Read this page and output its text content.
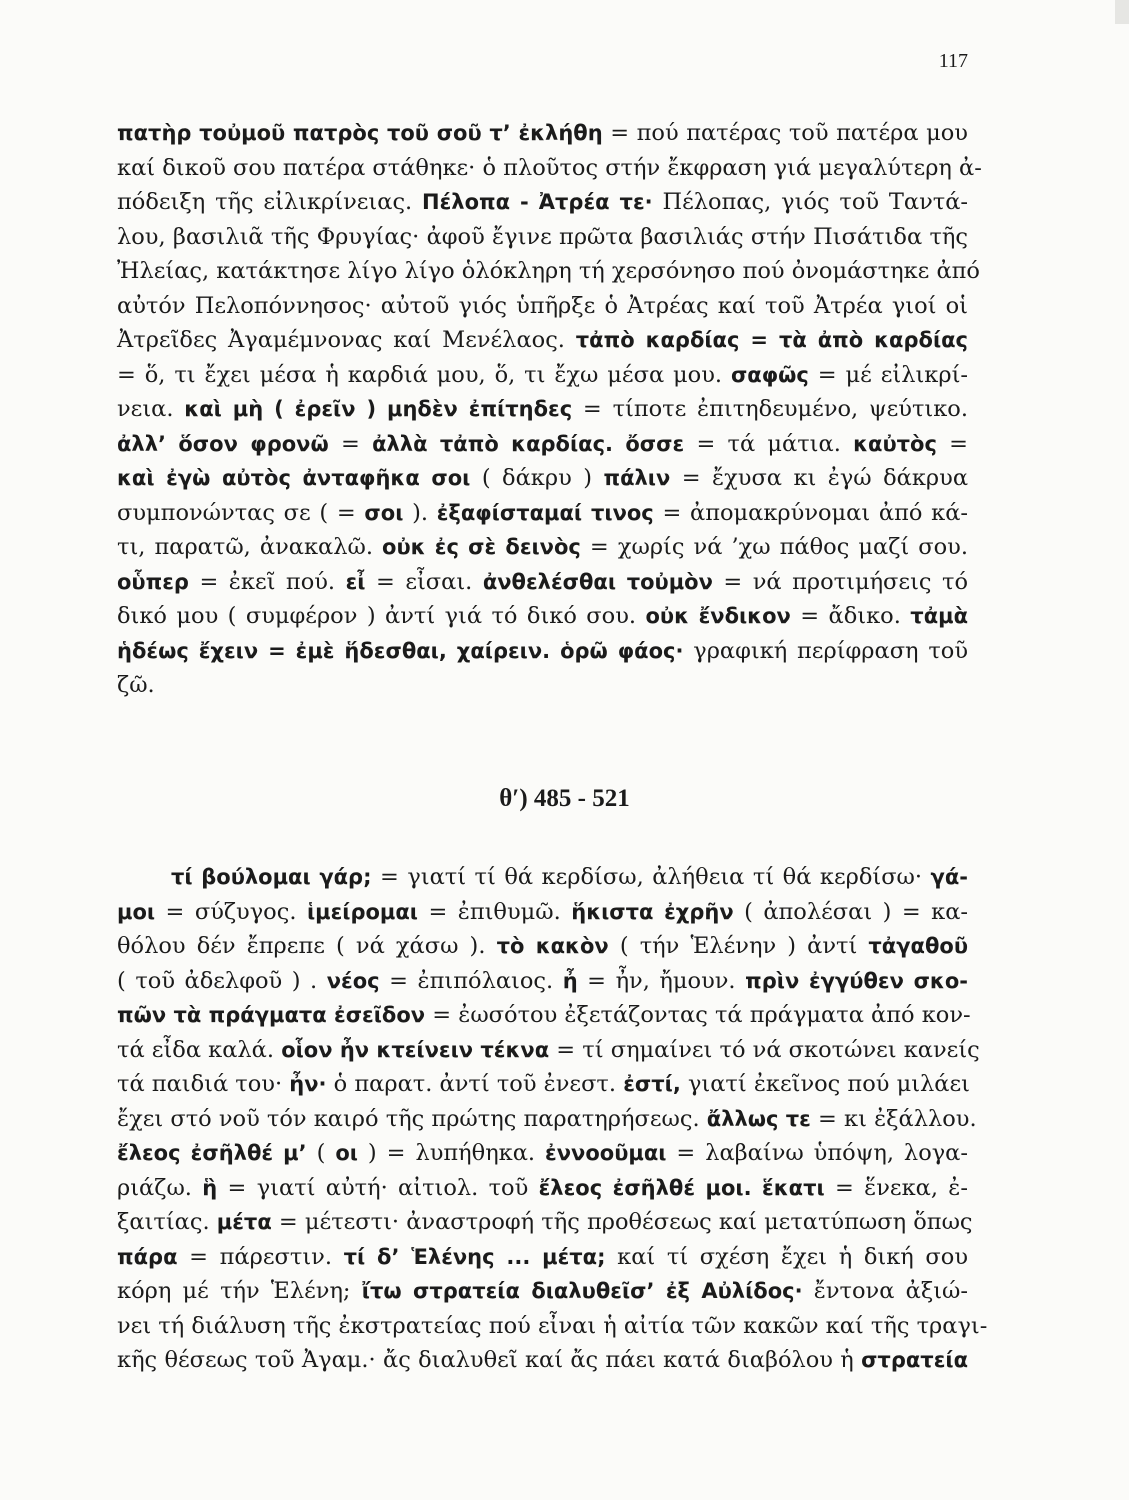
117
πατὴρ τοὐμοῦ πατρὸς τοῦ σοῦ τ’ ἐκλήθη = πού πατέρας τοῦ πατέρα μου
καί δικοῦ σου πατέρα στάθηκε· ὁ πλοῦτος στήν ἔκφραση γιά μεγαλύτερη ἀ-
πόδειξη τῆς εἰλικρίνειας. Πέλοπα - Ἀτρέα τε· Πέλοπας, γιός τοῦ Ταντά-
λου, βασιλιᾶ τῆς Φρυγίας· ἀφοῦ ἔγινε πρῶτα βασιλιάς στήν Πισάτιδα τῆς
Ἠλείας, κατάκτησε λίγο λίγο ὁλόκληρη τή χερσόνησο πού ὀνομάστηκε ἀπό
αὐτόν Πελοπόννησος· αὐτοῦ γιός ὑπῆρξε ὁ Ἀτρέας καί τοῦ Ἀτρέα γιοί οἱ
Ἀτρεῖδες Ἀγαμέμνονας καί Μενέλαος. τἀπὸ καρδίας = τὰ ἀπὸ καρδίας
= ὅ, τι ἔχει μέσα ἡ καρδιά μου, ὅ, τι ἔχω μέσα μου. σαφῶς = μέ εἰλικρί-
νεια. καὶ μὴ ( ἐρεῖν ) μηδὲν ἐπίτηδες = τίποτε ἐπιτηδευμένο, ψεύτικο.
ἀλλ’ ὅσον φρονῶ = ἀλλὰ τἀπὸ καρδίας. ὄσσε = τά μάτια. καὐτὸς =
καὶ ἐγὼ αὐτὸς ἀνταφῆκα σοι ( δάκρυ ) πάλιν = ἔχυσα κι ἐγώ δάκρυα
συμπονώντας σε ( = σοι ). ἐξαφίσταμαί τινος = ἀπομακρύνομαι ἀπό κά-
τι, παρατῶ, ἀνακαλῶ. οὐκ ἐς σὲ δεινὸς = χωρίς νά ’χω πάθος μαζί σου.
οὗπερ = ἐκεῖ πού. εἶ = εἶσαι. ἀνθελέσθαι τοὐμὸν = νά προτιμήσεις τό
δικό μου ( συμφέρον ) ἀντί γιά τό δικό σου. οὐκ ἔνδικον = ἄδικο. τἀμὰ
ἡδέως ἔχειν = ἐμὲ ἥδεσθαι, χαίρειν. ὁρῶ φάος· γραφική περίφραση τοῦ
ζῶ.
θ′) 485 - 521
τί βούλομαι γάρ; = γιατί τί θά κερδίσω, ἀλήθεια τί θά κερδίσω· γά-
μοι = σύζυγος. ἱμείρομαι = ἐπιθυμῶ. ἥκιστα ἐχρῆν ( ἀπολέσαι ) = κα-
θόλου δέν ἔπρεπε ( νά χάσω ). τὸ κακὸν ( τήν Ἑλένην ) ἀντί τἀγαθοῦ
( τοῦ ἀδελφοῦ ) . νέος = ἐπιπόλαιος. ἦ = ἦν, ἤμουν. πρὶν ἐγγύθεν σκο-
πῶν τὰ πράγματα ἐσεῖδον = ἐωσότου ἐξετάζοντας τά πράγματα ἀπό κον-
τά εἶδα καλά. οἷον ἦν κτείνειν τέκνα = τί σημαίνει τό νά σκοτώνει κανείς
τά παιδιά του· ἦν· ὁ παρατ. ἀντί τοῦ ἐνεστ. ἐστί, γιατί ἐκεῖνος πού μιλάει
ἔχει στό νοῦ τόν καιρό τῆς πρώτης παρατηρήσεως. ἄλλως τε = κι ἐξάλλου.
ἔλεος ἐσῆλθέ μ’ ( οι ) = λυπήθηκα. ἐννοοῦμαι = λαβαίνω ὑπόψη, λογα-
ριάζω. ἣ = γιατί αὐτή· αἰτιολ. τοῦ ἔλεος ἐσῆλθέ μοι. ἕκατι = ἕνεκα, ἐ-
ξαιτίας. μέτα = μέτεστι· ἀναστροφή τῆς προθέσεως καί μετατύπωση ὅπως
πάρα = πάρεστιν. τί δ’ Ἑλένης ... μέτα; καί τί σχέση ἔχει ἡ δική σου
κόρη μέ τήν Ἑλένη; ἴτω στρατεία διαλυθεῖσ’ ἐξ Αὐλίδος· ἔντονα ἀξιώ-
νει τή διάλυση τῆς ἐκστρατείας πού εἶναι ἡ αἰτία τῶν κακῶν καί τῆς τραγι-
κῆς θέσεως τοῦ Ἀγαμ.· ἄς διαλυθεῖ καί ἄς πάει κατά διαβόλου ἡ στρατεία
